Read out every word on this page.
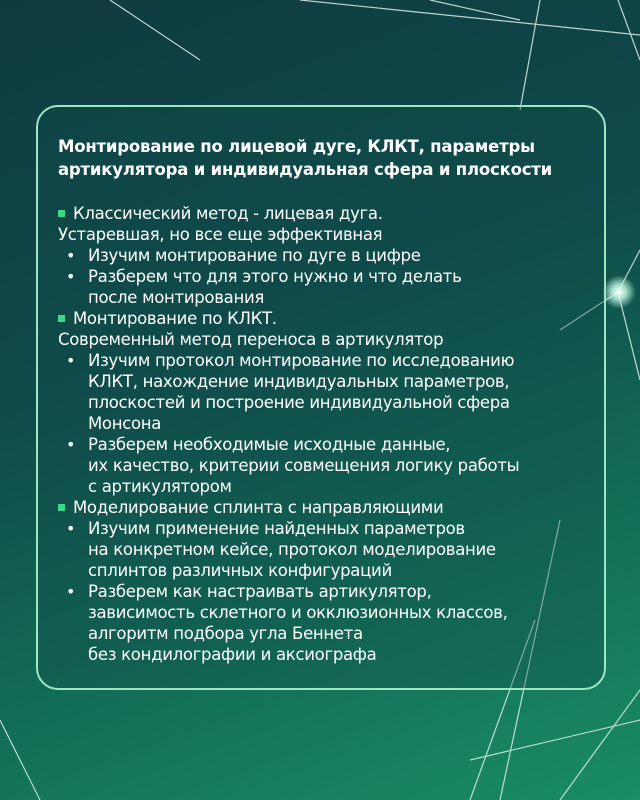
Монтирование по лицевой дуге, КЛКТ, параметры
артикулятора и индивидуальная сфера и плоскости
Классический метод - лицевая дуга.
Устаревшая, но все еще эффективная
• Изучим монтирование по дуге в цифре
• Разберем что для этого нужно и что делать
после монтирования
Монтирование по КЛКТ.
Современный метод переноса в артикулятор
• Изучим протокол монтирование по исследованию
КЛКТ, нахождение индивидуальных параметров,
плоскостей и построение индивидуальной сфера
Монсона
• Разберем необходимые исходные данные,
их качество, критерии совмещения логику работы
с артикулятором
Моделирование сплинта с направляющими
• Изучим применение найденных параметров
на конкретном кейсе, протокол моделирование
сплинтов различных конфигураций
• Разберем как настраивать артикулятор,
зависимость склетного и окклюзионных классов,
алгоритм подбора угла Беннета
без кондилографии и аксиографа
